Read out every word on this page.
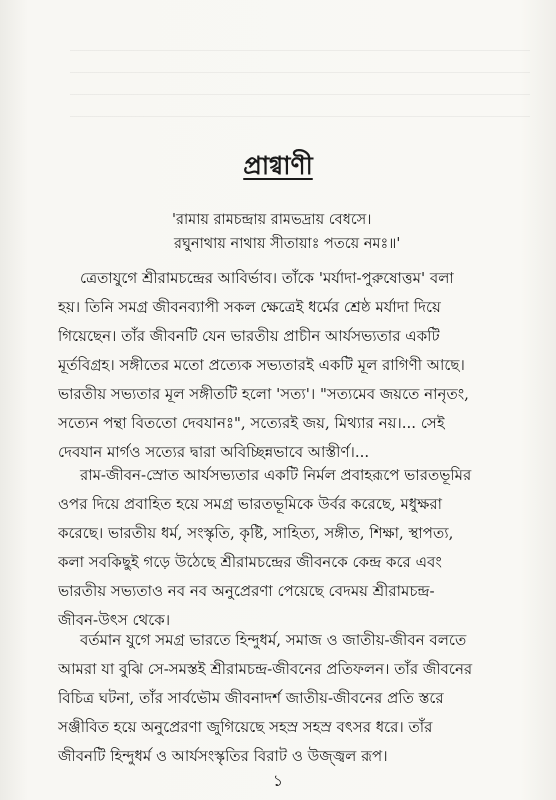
প্রাগ্বাণী
'রামায় রামচন্দ্রায় রামভদ্রায় বেধসে।
রঘুনাথায় নাথায় সীতায়াঃ পতয়ে নমঃ॥'
ত্রেতাযুগে শ্রীরামচন্দ্রের আবির্ভাব। তাঁকে 'মর্যাদা-পুরুষোত্তম' বলা
হয়। তিনি সমগ্র জীবনব্যাপী সকল ক্ষেত্রেই ধর্মের শ্রেষ্ঠ মর্যাদা দিয়ে
গিয়েছেন। তাঁর জীবনটি যেন ভারতীয় প্রাচীন আর্যসভ্যতার একটি
মূর্তবিগ্রহ। সঙ্গীতের মতো প্রত্যেক সভ্যতারই একটি মূল রাগিণী আছে।
ভারতীয় সভ্যতার মূল সঙ্গীতটি হলো 'সত্য'। "সত্যমেব জয়তে নানৃতং,
সত্যেন পন্থা বিততো দেবযানঃ", সত্যেরই জয়, মিথ্যার নয়।... সেই
দেবযান মার্গও সত্যের দ্বারা অবিচ্ছিন্নভাবে আস্তীর্ণ।...
রাম-জীবন-স্রোত আর্যসভ্যতার একটি নির্মল প্রবাহরূপে ভারতভূমির
ওপর দিয়ে প্রবাহিত হয়ে সমগ্র ভারতভূমিকে উর্বর করেছে, মধুক্ষরা
করেছে। ভারতীয় ধর্ম, সংস্কৃতি, কৃষ্টি, সাহিত্য, সঙ্গীত, শিক্ষা, স্থাপত্য,
কলা সবকিছুই গড়ে উঠেছে শ্রীরামচন্দ্রের জীবনকে কেন্দ্র করে এবং
ভারতীয় সভ্যতাও নব নব অনুপ্রেরণা পেয়েছে বেদময় শ্রীরামচন্দ্র-
জীবন-উৎস থেকে।
বর্তমান যুগে সমগ্র ভারতে হিন্দুধর্ম, সমাজ ও জাতীয়-জীবন বলতে
আমরা যা বুঝি সে-সমস্তই শ্রীরামচন্দ্র-জীবনের প্রতিফলন। তাঁর জীবনের
বিচিত্র ঘটনা, তাঁর সার্বভৌম জীবনাদর্শ জাতীয়-জীবনের প্রতি স্তরে
সঞ্জীবিত হয়ে অনুপ্রেরণা জুগিয়েছে সহস্র সহস্র বৎসর ধরে। তাঁর
জীবনটি হিন্দুধর্ম ও আর্যসংস্কৃতির বিরাট ও উজ্জ্বল রূপ।
১
